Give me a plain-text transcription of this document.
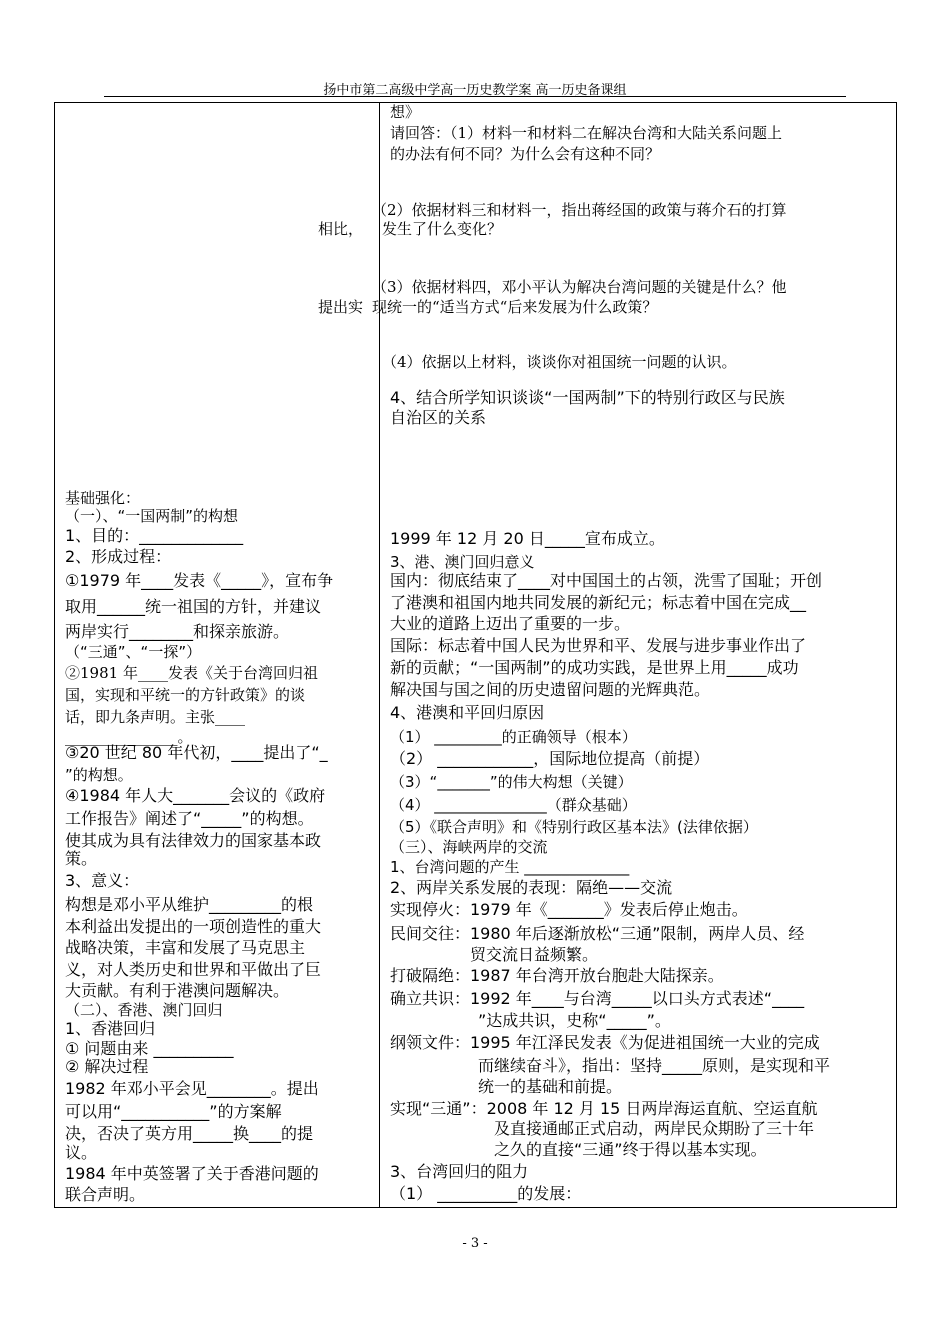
扬中市第二高级中学高一历史教学案 高一历史备课组
相比，
提出实
基础强化：
（一）、“一国两制”的构想
1、目的：_____________
2、形成过程：
①1979 年____发表《_____》，宣布争
取用______统一祖国的方针，并建议
两岸实行________和探亲旅游。
（“三通”、“一探”）
②1981 年____发表《关于台湾回归祖
国，实现和平统一的方针政策》的谈
话，即九条声明。主张____
_______________。
③20 世纪 80 年代初，____提出了“_
”的构想。
④1984 年人大_______会议的《政府
工作报告》阐述了“_____”的构想。
使其成为具有法律效力的国家基本政
策。
3、意义：
构想是邓小平从维护_________的根
本利益出发提出的一项创造性的重大
战略决策，丰富和发展了马克思主
义，对人类历史和世界和平做出了巨
大贡献。有利于港澳问题解决。
（二）、香港、澳门回归
1、香港回归
① 问题由来 __________
② 解决过程
1982 年邓小平会见________。提出
可以用“___________”的方案解
决，否决了英方用_____换____的提
议。
1984 年中英签署了关于香港问题的
联合声明。
想》
请回答：（1）材料一和材料二在解决台湾和大陆关系问题上
的办法有何不同？为什么会有这种不同？
（2）依据材料三和材料一，指出蒋经国的政策与蒋介石的打算
发生了什么变化？
（3）依据材料四，邓小平认为解决台湾问题的关键是什么？他
现统一的“适当方式“后来发展为什么政策？
（4）依据以上材料，谈谈你对祖国统一问题的认识。
4、结合所学知识谈谈“一国两制”下的特别行政区与民族
自治区的关系
1999 年 12 月 20 日_____宣布成立。
3、港、澳门回归意义
国内：彻底结束了____对中国国土的占领，洗雪了国耻；开创
了港澳和祖国内地共同发展的新纪元；标志着中国在完成__
大业的道路上迈出了重要的一步。
国际：标志着中国人民为世界和平、发展与进步事业作出了
新的贡献；“一国两制”的成功实践，是世界上用_____成功
解决国与国之间的历史遗留问题的光辉典范。
4、港澳和平回归原因
（1） _________的正确领导（根本）
（2） ____________，国际地位提高（前提）
（3）“_______”的伟大构想（关键）
（4） _______________（群众基础）
（5）《联合声明》和《特别行政区基本法》(法律依据）
（三）、海峡两岸的交流
1、台湾问题的产生 ______________
2、两岸关系发展的表现：隔绝——交流
实现停火：1979 年《_______》发表后停止炮击。
民间交往：1980 年后逐渐放松“三通”限制，两岸人员、经
贸交流日益频繁。
打破隔绝：1987 年台湾开放台胞赴大陆探亲。
确立共识：1992 年____与台湾_____以口头方式表述“____
”达成共识，史称“_____”。
纲领文件：1995 年江泽民发表《为促进祖国统一大业的完成
而继续奋斗》，指出：坚持_____原则，是实现和平
统一的基础和前提。
实现“三通”：2008 年 12 月 15 日两岸海运直航、空运直航
及直接通邮正式启动，两岸民众期盼了三十年
之久的直接“三通”终于得以基本实现。
3、台湾回归的阻力
（1） __________的发展：
- 3 -
